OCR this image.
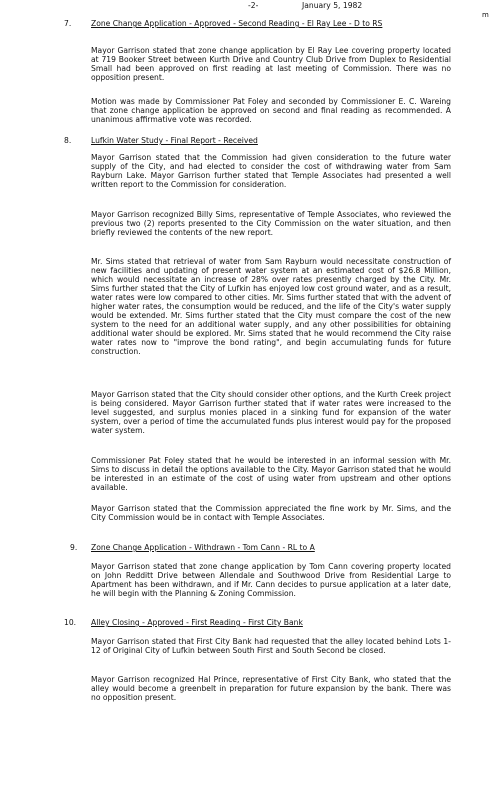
-2-	January 5, 1982
m
7.	Zone Change Application - Approved - Second Reading - El Ray Lee - D to RS

Mayor Garrison stated that zone change application by El Ray Lee covering property located at 719 Booker Street between Kurth Drive and Country Club Drive from Duplex to Residential Small had been approved on first reading at last meeting of Commission. There was no opposition present.

Motion was made by Commissioner Pat Foley and seconded by Commissioner E. C. Wareing that zone change application be approved on second and final reading as recommended. A unanimous affirmative vote was recorded.

8.	Lufkin Water Study - Final Report - Received

Mayor Garrison stated that the Commission had given consideration to the future water supply of the City, and had elected to consider the cost of withdrawing water from Sam Rayburn Lake. Mayor Garrison further stated that Temple Associates had presented a well written report to the Commission for consideration.

Mayor Garrison recognized Billy Sims, representative of Temple Associates, who reviewed the previous two (2) reports presented to the City Commission on the water situation, and then briefly reviewed the contents of the new report.

Mr. Sims stated that retrieval of water from Sam Rayburn would necessitate construction of new facilities and updating of present water system at an estimated cost of $26.8 Million, which would necessitate an increase of 28% over rates presently charged by the City. Mr. Sims further stated that the City of Lufkin has enjoyed low cost ground water, and as a result, water rates were low compared to other cities. Mr. Sims further stated that with the advent of higher water rates, the consumption would be reduced, and the life of the City's water supply would be extended. Mr. Sims further stated that the City must compare the cost of the new system to the need for an additional water supply, and any other possibilities for obtaining additional water should be explored. Mr. Sims stated that he would recommend the City raise water rates now to "improve the bond rating", and begin accumulating funds for future construction.

Mayor Garrison stated that the City should consider other options, and the Kurth Creek project is being considered. Mayor Garrison further stated that if water rates were increased to the level suggested, and surplus monies placed in a sinking fund for expansion of the water system, over a period of time the accumulated funds plus interest would pay for the proposed water system.

Commissioner Pat Foley stated that he would be interested in an informal session with Mr. Sims to discuss in detail the options available to the City. Mayor Garrison stated that he would be interested in an estimate of the cost of using water from upstream and other options available.

Mayor Garrison stated that the Commission appreciated the fine work by Mr. Sims, and the City Commission would be in contact with Temple Associates.

9. Zone Change Application - Withdrawn - Tom Cann - RL to A

Mayor Garrison stated that zone change application by Tom Cann covering property located on John Redditt Drive between Allendale and Southwood Drive from Residential Large to Apartment has been withdrawn, and if Mr. Cann decides to pursue application at a later date, he will begin with the Planning & Zoning Commission.

10. Alley Closing - Approved - First Reading - First City Bank

Mayor Garrison stated that First City Bank had requested that the alley located behind Lots 1-12 of Original City of Lufkin between South First and South Second be closed.

Mayor Garrison recognized Hal Prince, representative of First City Bank, who stated that the alley would become a greenbelt in preparation for future expansion by the bank. There was no opposition present.
